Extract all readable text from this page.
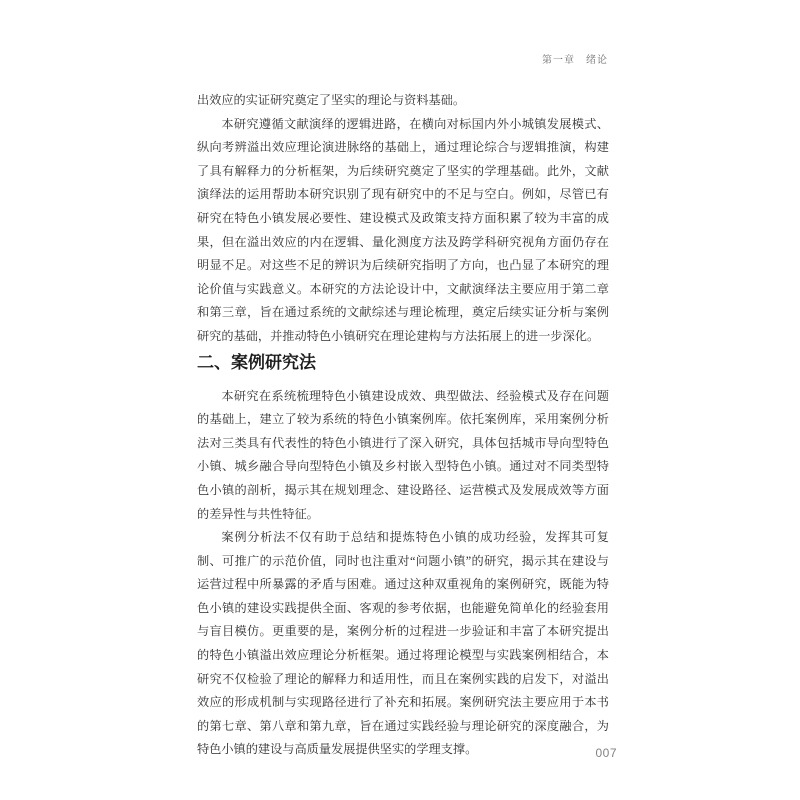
第一章　绪论

出效应的实证研究奠定了坚实的理论与资料基础。

本研究遵循文献演绎的逻辑进路，在横向对标国内外小城镇发展模式、纵向考辨溢出效应理论演进脉络的基础上，通过理论综合与逻辑推演，构建了具有解释力的分析框架，为后续研究奠定了坚实的学理基础。此外，文献演绎法的运用帮助本研究识别了现有研究中的不足与空白。例如，尽管已有研究在特色小镇发展必要性、建设模式及政策支持方面积累了较为丰富的成果，但在溢出效应的内在逻辑、量化测度方法及跨学科研究视角方面仍存在明显不足。对这些不足的辨识为后续研究指明了方向，也凸显了本研究的理论价值与实践意义。本研究的方法论设计中，文献演绎法主要应用于第二章和第三章，旨在通过系统的文献综述与理论梳理，奠定后续实证分析与案例研究的基础，并推动特色小镇研究在理论建构与方法拓展上的进一步深化。

二、案例研究法

本研究在系统梳理特色小镇建设成效、典型做法、经验模式及存在问题的基础上，建立了较为系统的特色小镇案例库。依托案例库，采用案例分析法对三类具有代表性的特色小镇进行了深入研究，具体包括城市导向型特色小镇、城乡融合导向型特色小镇及乡村嵌入型特色小镇。通过对不同类型特色小镇的剖析，揭示其在规划理念、建设路径、运营模式及发展成效等方面的差异性与共性特征。

案例分析法不仅有助于总结和提炼特色小镇的成功经验，发挥其可复制、可推广的示范价值，同时也注重对“问题小镇”的研究，揭示其在建设与运营过程中所暴露的矛盾与困难。通过这种双重视角的案例研究，既能为特色小镇的建设实践提供全面、客观的参考依据，也能避免简单化的经验套用与盲目模仿。更重要的是，案例分析的过程进一步验证和丰富了本研究提出的特色小镇溢出效应理论分析框架。通过将理论模型与实践案例相结合，本研究不仅检验了理论的解释力和适用性，而且在案例实践的启发下，对溢出效应的形成机制与实现路径进行了补充和拓展。案例研究法主要应用于本书的第七章、第八章和第九章，旨在通过实践经验与理论研究的深度融合，为特色小镇的建设与高质量发展提供坚实的学理支撑。	007
